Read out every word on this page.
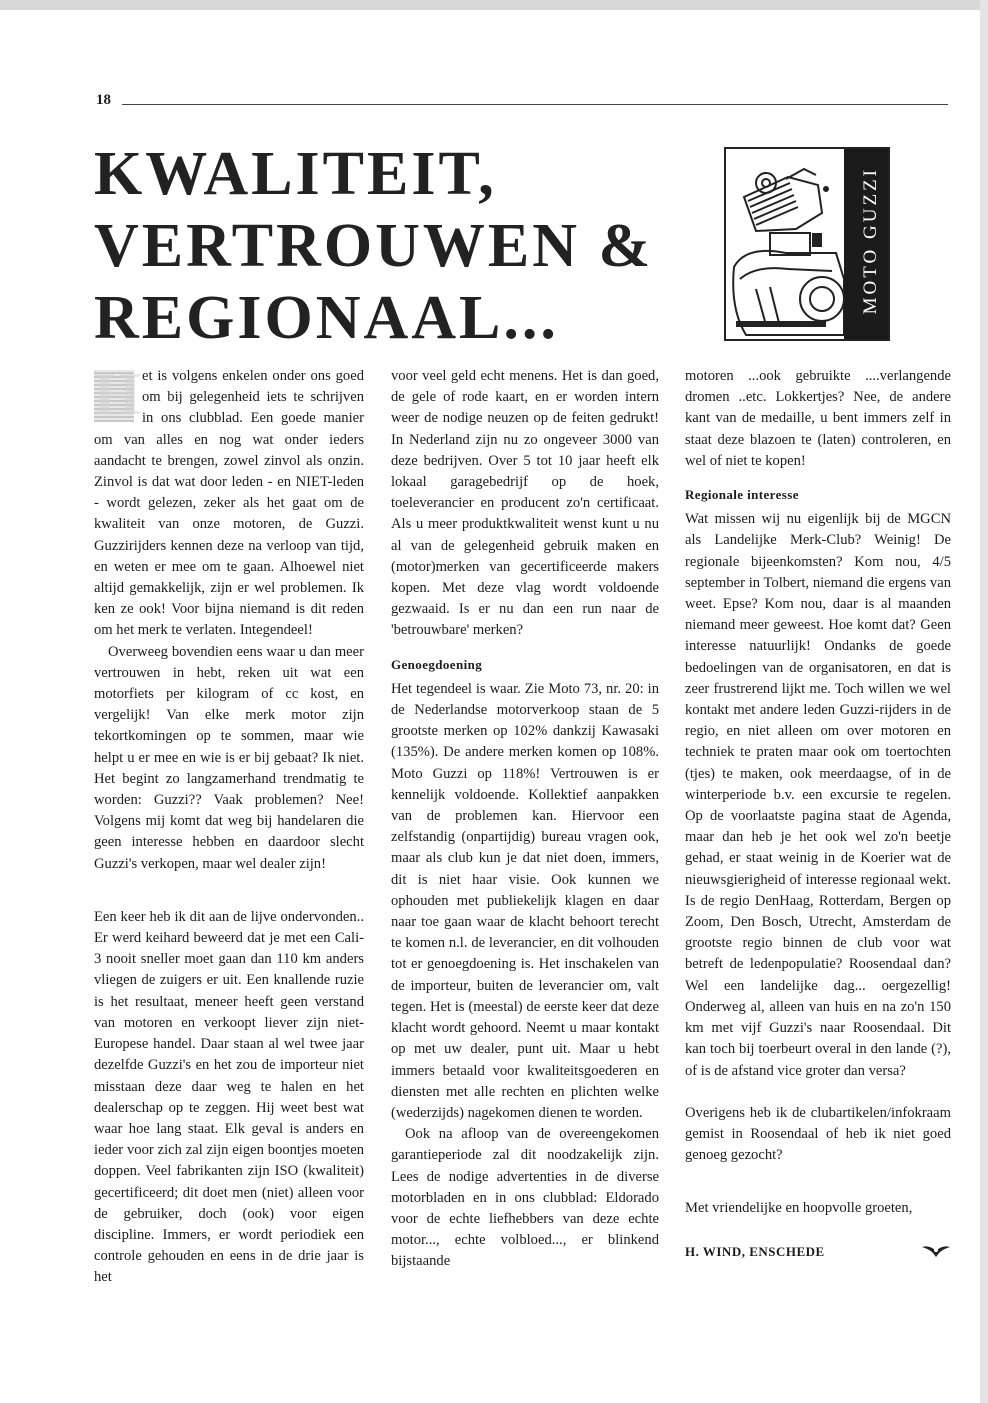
18
KWALITEIT,
VERTROUWEN &
REGIONAAL...
MOTO GUZZI
H et is volgens enkelen onder ons goed om bij gelegenheid iets te schrijven in ons clubblad. Een goede manier om van alles en nog wat onder ieders aandacht te brengen, zowel zinvol als onzin. Zinvol is dat wat door leden - en NIET-leden - wordt gelezen, zeker als het gaat om de kwaliteit van onze motoren, de Guzzi. Guzzirijders kennen deze na verloop van tijd, en weten er mee om te gaan. Alhoewel niet altijd gemakkelijk, zijn er wel problemen. Ik ken ze ook! Voor bijna niemand is dit reden om het merk te verlaten. Integendeel!

Overweeg bovendien eens waar u dan meer vertrouwen in hebt, reken uit wat een motorfiets per kilogram of cc kost, en vergelijk! Van elke merk motor zijn tekortkomingen op te sommen, maar wie helpt u er mee en wie is er bij gebaat? Ik niet. Het begint zo langzamerhand trendmatig te worden: Guzzi?? Vaak problemen? Nee! Volgens mij komt dat weg bij handelaren die geen interesse hebben en daardoor slecht Guzzi's verkopen, maar wel dealer zijn!

Een keer heb ik dit aan de lijve ondervonden.. Er werd keihard beweerd dat je met een Cali-3 nooit sneller moet gaan dan 110 km anders vliegen de zuigers er uit. Een knallende ruzie is het resultaat, meneer heeft geen verstand van motoren en verkoopt liever zijn niet-Europese handel. Daar staan al wel twee jaar dezelfde Guzzi's en het zou de importeur niet misstaan deze daar weg te halen en het dealerschap op te zeggen. Hij weet best wat waar hoe lang staat. Elk geval is anders en ieder voor zich zal zijn eigen boontjes moeten doppen. Veel fabrikanten zijn ISO (kwaliteit) gecertificeerd; dit doet men (niet) alleen voor de gebruiker, doch (ook) voor eigen discipline. Immers, er wordt periodiek een controle gehouden en eens in de drie jaar is het

voor veel geld echt menens. Het is dan goed, de gele of rode kaart, en er worden intern weer de nodige neuzen op de feiten gedrukt! In Nederland zijn nu zo ongeveer 3000 van deze bedrijven. Over 5 tot 10 jaar heeft elk lokaal garagebedrijf op de hoek, toeleverancier en producent zo'n certificaat. Als u meer produktkwaliteit wenst kunt u nu al van de gelegenheid gebruik maken en (motor)merken van gecertificeerde makers kopen. Met deze vlag wordt voldoende gezwaaid. Is er nu dan een run naar de 'betrouwbare' merken?

Genoegdoening

Het tegendeel is waar. Zie Moto 73, nr. 20: in de Nederlandse motorverkoop staan de 5 grootste merken op 102% dankzij Kawasaki (135%). De andere merken komen op 108%. Moto Guzzi op 118%! Vertrouwen is er kennelijk voldoende. Kollektief aanpakken van de problemen kan. Hiervoor een zelfstandig (onpartijdig) bureau vragen ook, maar als club kun je dat niet doen, immers, dit is niet haar visie. Ook kunnen we ophouden met publiekelijk klagen en daar naar toe gaan waar de klacht behoort terecht te komen n.l. de leverancier, en dit volhouden tot er genoegdoening is. Het inschakelen van de importeur, buiten de leverancier om, valt tegen. Het is (meestal) de eerste keer dat deze klacht wordt gehoord. Neemt u maar kontakt op met uw dealer, punt uit. Maar u hebt immers betaald voor kwaliteitsgoederen en diensten met alle rechten en plichten welke (wederzijds) nagekomen dienen te worden.

Ook na afloop van de overeengekomen garantieperiode zal dit noodzakelijk zijn. Lees de nodige advertenties in de diverse motorbladen en in ons clubblad: Eldorado voor de echte liefhebbers van deze echte motor..., echte volbloed..., er blinkend bijstaande

motoren ...ook gebruikte ....verlangende dromen ..etc. Lokkertjes? Nee, de andere kant van de medaille, u bent immers zelf in staat deze blazoen te (laten) controleren, en wel of niet te kopen!

Regionale interesse

Wat missen wij nu eigenlijk bij de MGCN als Landelijke Merk-Club? Weinig! De regionale bijeenkomsten? Kom nou, 4/5 september in Tolbert, niemand die ergens van weet. Epse? Kom nou, daar is al maanden niemand meer geweest. Hoe komt dat? Geen interesse natuurlijk! Ondanks de goede bedoelingen van de organisatoren, en dat is zeer frustrerend lijkt me. Toch willen we wel kontakt met andere leden Guzzi-rijders in de regio, en niet alleen om over motoren en techniek te praten maar ook om toertochten (tjes) te maken, ook meerdaagse, of in de winterperiode b.v. een excursie te regelen. Op de voorlaatste pagina staat de Agenda, maar dan heb je het ook wel zo'n beetje gehad, er staat weinig in de Koerier wat de nieuwsgierigheid of interesse regionaal wekt. Is de regio DenHaag, Rotterdam, Bergen op Zoom, Den Bosch, Utrecht, Amsterdam de grootste regio binnen de club voor wat betreft de ledenpopulatie? Roosendaal dan? Wel een landelijke dag... oergezellig! Onderweg al, alleen van huis en na zo'n 150 km met vijf Guzzi's naar Roosendaal. Dit kan toch bij toerbeurt overal in den lande (?), of is de afstand vice groter dan versa?

Overigens heb ik de clubartikelen/infokraam gemist in Roosendaal of heb ik niet goed genoeg gezocht?

Met vriendelijke en hoopvolle groeten,

H. WIND, ENSCHEDE
